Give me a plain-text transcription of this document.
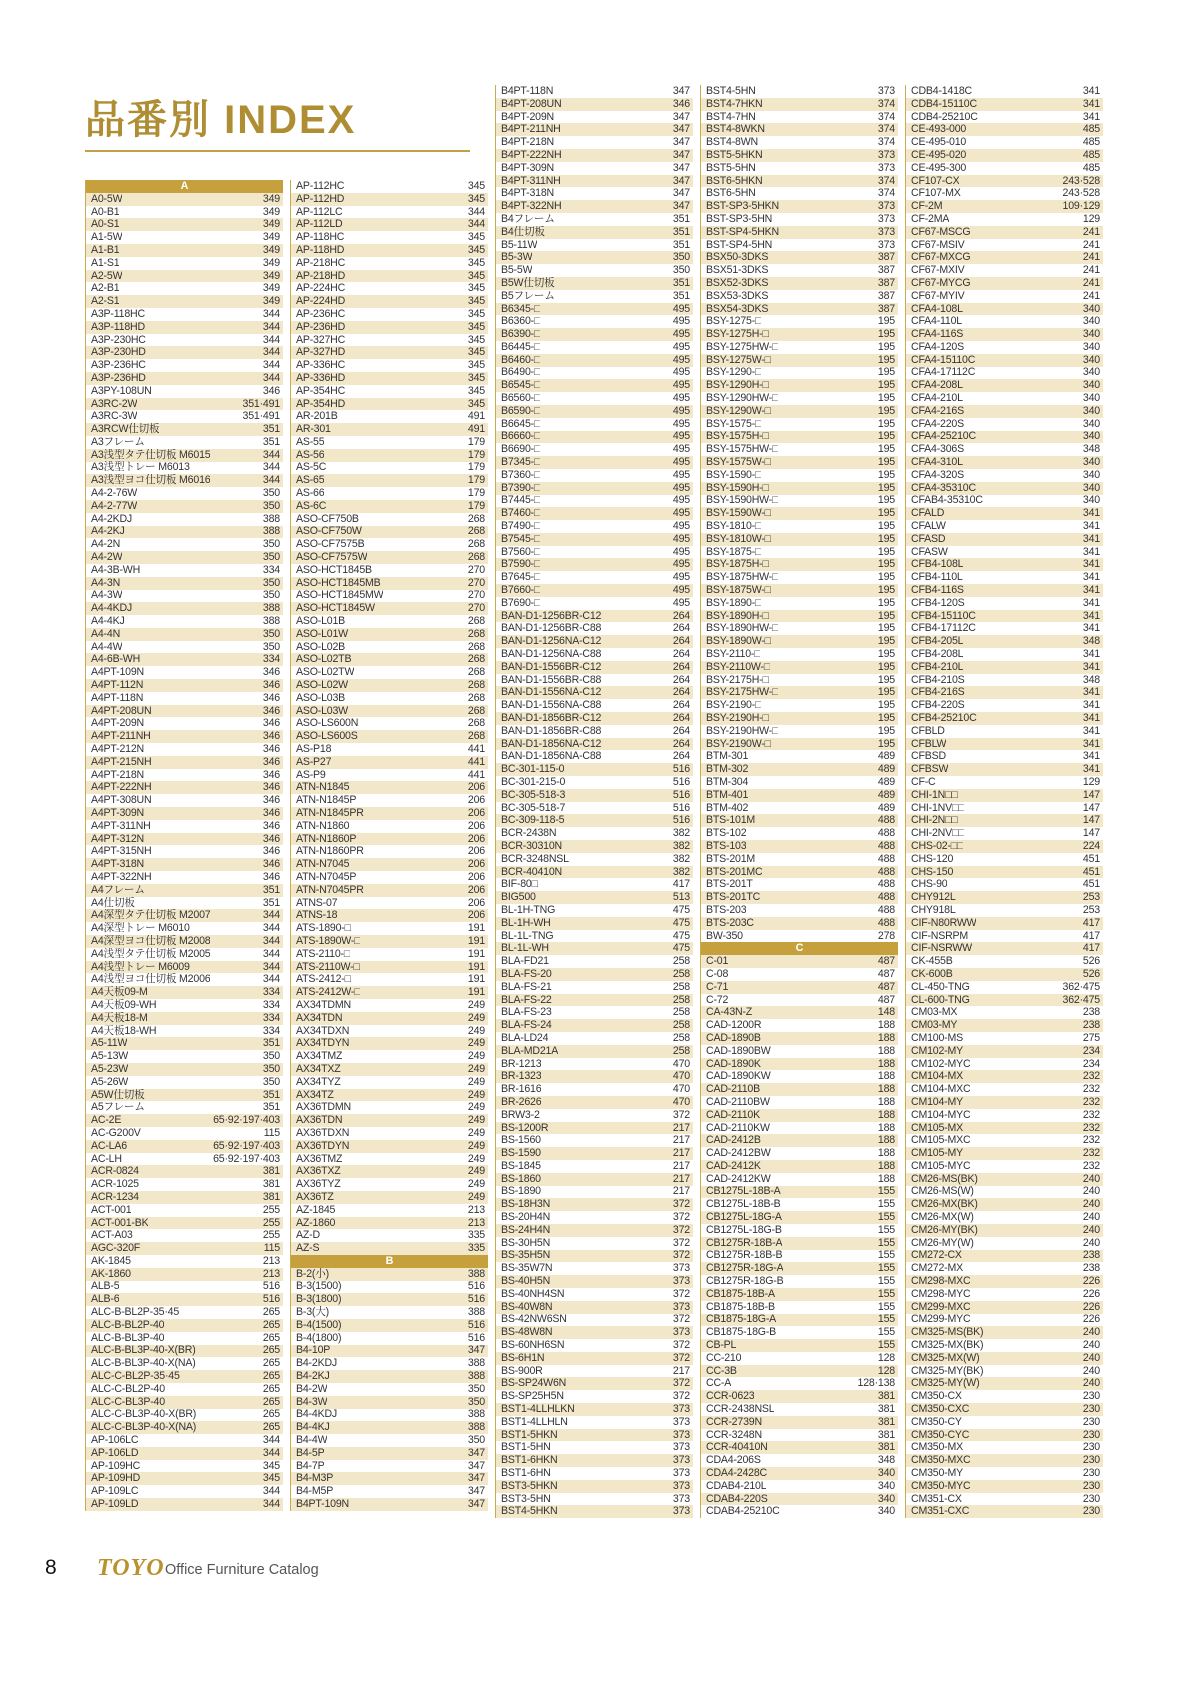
品番別 INDEX
A
A0-5W	349
A0-B1	349
A0-S1	349
A1-5W	349
A1-B1	349
A1-S1	349
A2-5W	349
A2-B1	349
A2-S1	349
A3P-118HC	344
A3P-118HD	344
A3P-230HC	344
A3P-230HD	344
A3P-236HC	344
A3P-236HD	344
A3PY-108UN	346
A3RC-2W	351·491
A3RC-3W	351·491
A3RCW仕切板	351
A3フレーム	351
A3浅型タテ仕切板 M6015	344
A3浅型トレー M6013	344
A3浅型ヨコ仕切板 M6016	344
A4-2-76W	350
A4-2-77W	350
A4-2KDJ	388
A4-2KJ	388
A4-2N	350
A4-2W	350
A4-3B-WH	334
A4-3N	350
A4-3W	350
A4-4KDJ	388
A4-4KJ	388
A4-4N	350
A4-4W	350
A4-6B-WH	334
A4PT-109N	346
A4PT-112N	346
A4PT-118N	346
A4PT-208UN	346
A4PT-209N	346
A4PT-211NH	346
A4PT-212N	346
A4PT-215NH	346
A4PT-218N	346
A4PT-222NH	346
A4PT-308UN	346
A4PT-309N	346
A4PT-311NH	346
A4PT-312N	346
A4PT-315NH	346
A4PT-318N	346
A4PT-322NH	346
A4フレーム	351
A4仕切板	351
A4深型タテ仕切板 M2007	344
A4深型トレー M6010	344
A4深型ヨコ仕切板 M2008	344
A4浅型タテ仕切板 M2005	344
A4浅型トレー M6009	344
A4浅型ヨコ仕切板 M2006	344
A4天板09-M	334
A4天板09-WH	334
A4天板18-M	334
A4天板18-WH	334
A5-11W	351
A5-13W	350
A5-23W	350
A5-26W	350
A5W仕切板	351
A5フレーム	351
AC-2E	65·92·197·403
AC-G200V	115
AC-LA6	65·92·197·403
AC-LH	65·92·197·403
ACR-0824	381
ACR-1025	381
ACR-1234	381
ACT-001	255
ACT-001-BK	255
ACT-A03	255
AGC-320F	115
AK-1845	213
AK-1860	213
ALB-5	516
ALB-6	516
ALC-B-BL2P-35·45	265
ALC-B-BL2P-40	265
ALC-B-BL3P-40	265
ALC-B-BL3P-40-X(BR)	265
ALC-B-BL3P-40-X(NA)	265
ALC-C-BL2P-35·45	265
ALC-C-BL2P-40	265
ALC-C-BL3P-40	265
ALC-C-BL3P-40-X(BR)	265
ALC-C-BL3P-40-X(NA)	265
AP-106LC	344
AP-106LD	344
AP-109HC	345
AP-109HD	345
AP-109LC	344
AP-109LD	344
AP-112HC	345
AP-112HD	345
AP-112LC	344
AP-112LD	344
AP-118HC	345
AP-118HD	345
AP-218HC	345
AP-218HD	345
AP-224HC	345
AP-224HD	345
AP-236HC	345
AP-236HD	345
AP-327HC	345
AP-327HD	345
AP-336HC	345
AP-336HD	345
AP-354HC	345
AP-354HD	345
AR-201B	491
AR-301	491
AS-55	179
AS-56	179
AS-5C	179
AS-65	179
AS-66	179
AS-6C	179
ASO-CF750B	268
ASO-CF750W	268
ASO-CF7575B	268
ASO-CF7575W	268
ASO-HCT1845B	270
ASO-HCT1845MB	270
ASO-HCT1845MW	270
ASO-HCT1845W	270
ASO-L01B	268
ASO-L01W	268
ASO-L02B	268
ASO-L02TB	268
ASO-L02TW	268
ASO-L02W	268
ASO-L03B	268
ASO-L03W	268
ASO-LS600N	268
ASO-LS600S	268
AS-P18	441
AS-P27	441
AS-P9	441
ATN-N1845	206
ATN-N1845P	206
ATN-N1845PR	206
ATN-N1860	206
ATN-N1860P	206
ATN-N1860PR	206
ATN-N7045	206
ATN-N7045P	206
ATN-N7045PR	206
ATNS-07	206
ATNS-18	206
ATS-1890-□	191
ATS-1890W-□	191
ATS-2110-□	191
ATS-2110W-□	191
ATS-2412-□	191
ATS-2412W-□	191
AX34TDMN	249
AX34TDN	249
AX34TDXN	249
AX34TDYN	249
AX34TMZ	249
AX34TXZ	249
AX34TYZ	249
AX34TZ	249
AX36TDMN	249
AX36TDN	249
AX36TDXN	249
AX36TDYN	249
AX36TMZ	249
AX36TXZ	249
AX36TYZ	249
AX36TZ	249
AZ-1845	213
AZ-1860	213
AZ-D	335
AZ-S	335
B
B-2(小)	388
B-3(1500)	516
B-3(1800)	516
B-3(大)	388
B-4(1500)	516
B-4(1800)	516
B4-10P	347
B4-2KDJ	388
B4-2KJ	388
B4-2W	350
B4-3W	350
B4-4KDJ	388
B4-4KJ	388
B4-4W	350
B4-5P	347
B4-7P	347
B4-M3P	347
B4-M5P	347
B4PT-109N	347
B4PT-118N	347
B4PT-208UN	346
B4PT-209N	347
B4PT-211NH	347
B4PT-218N	347
B4PT-222NH	347
B4PT-309N	347
B4PT-311NH	347
B4PT-318N	347
B4PT-322NH	347
B4フレーム	351
B4仕切板	351
B5-11W	351
B5-3W	350
B5-5W	350
B5W仕切板	351
B5フレーム	351
B6345-□	495
B6360-□	495
B6390-□	495
B6445-□	495
B6460-□	495
B6490-□	495
B6545-□	495
B6560-□	495
B6590-□	495
B6645-□	495
B6660-□	495
B6690-□	495
B7345-□	495
B7360-□	495
B7390-□	495
B7445-□	495
B7460-□	495
B7490-□	495
B7545-□	495
B7560-□	495
B7590-□	495
B7645-□	495
B7660-□	495
B7690-□	495
BAN-D1-1256BR-C12	264
BAN-D1-1256BR-C88	264
BAN-D1-1256NA-C12	264
BAN-D1-1256NA-C88	264
BAN-D1-1556BR-C12	264
BAN-D1-1556BR-C88	264
BAN-D1-1556NA-C12	264
BAN-D1-1556NA-C88	264
BAN-D1-1856BR-C12	264
BAN-D1-1856BR-C88	264
BAN-D1-1856NA-C12	264
BAN-D1-1856NA-C88	264
BC-301-115-0	516
BC-301-215-0	516
BC-305-518-3	516
BC-305-518-7	516
BC-309-118-5	516
BCR-2438N	382
BCR-30310N	382
BCR-3248NSL	382
BCR-40410N	382
BIF-80□	417
BIG500	513
BL-1H-TNG	475
BL-1H-WH	475
BL-1L-TNG	475
BL-1L-WH	475
BLA-FD21	258
BLA-FS-20	258
BLA-FS-21	258
BLA-FS-22	258
BLA-FS-23	258
BLA-FS-24	258
BLA-LD24	258
BLA-MD21A	258
BR-1213	470
BR-1323	470
BR-1616	470
BR-2626	470
BRW3-2	372
BS-1200R	217
BS-1560	217
BS-1590	217
BS-1845	217
BS-1860	217
BS-1890	217
BS-18H3N	372
BS-20H4N	372
BS-24H4N	372
BS-30H5N	372
BS-35H5N	372
BS-35W7N	373
BS-40H5N	373
BS-40NH4SN	372
BS-40W8N	373
BS-42NW6SN	372
BS-48W8N	373
BS-60NH6SN	372
BS-6H1N	372
BS-900R	217
BS-SP24W6N	372
BS-SP25H5N	372
BST1-4LLHLKN	373
BST1-4LLHLN	373
BST1-5HKN	373
BST1-5HN	373
BST1-6HKN	373
BST1-6HN	373
BST3-5HKN	373
BST3-5HN	373
BST4-5HKN	373
BST4-5HN	373
BST4-7HKN	374
BST4-7HN	374
BST4-8WKN	374
BST4-8WN	374
BST5-5HKN	373
BST5-5HN	373
BST6-5HKN	374
BST6-5HN	374
BST-SP3-5HKN	373
BST-SP3-5HN	373
BST-SP4-5HKN	373
BST-SP4-5HN	373
BSX50-3DKS	387
BSX51-3DKS	387
BSX52-3DKS	387
BSX53-3DKS	387
BSX54-3DKS	387
BSY-1275-□	195
BSY-1275H-□	195
BSY-1275HW-□	195
BSY-1275W-□	195
BSY-1290-□	195
BSY-1290H-□	195
BSY-1290HW-□	195
BSY-1290W-□	195
BSY-1575-□	195
BSY-1575H-□	195
BSY-1575HW-□	195
BSY-1575W-□	195
BSY-1590-□	195
BSY-1590H-□	195
BSY-1590HW-□	195
BSY-1590W-□	195
BSY-1810-□	195
BSY-1810W-□	195
BSY-1875-□	195
BSY-1875H-□	195
BSY-1875HW-□	195
BSY-1875W-□	195
BSY-1890-□	195
BSY-1890H-□	195
BSY-1890HW-□	195
BSY-1890W-□	195
BSY-2110-□	195
BSY-2110W-□	195
BSY-2175H-□	195
BSY-2175HW-□	195
BSY-2190-□	195
BSY-2190H-□	195
BSY-2190HW-□	195
BSY-2190W-□	195
BTM-301	489
BTM-302	489
BTM-304	489
BTM-401	489
BTM-402	489
BTS-101M	488
BTS-102	488
BTS-103	488
BTS-201M	488
BTS-201MC	488
BTS-201T	488
BTS-201TC	488
BTS-203	488
BTS-203C	488
BW-350	278
C
C-01	487
C-08	487
C-71	487
C-72	487
CA-43N-Z	148
CAD-1200R	188
CAD-1890B	188
CAD-1890BW	188
CAD-1890K	188
CAD-1890KW	188
CAD-2110B	188
CAD-2110BW	188
CAD-2110K	188
CAD-2110KW	188
CAD-2412B	188
CAD-2412BW	188
CAD-2412K	188
CAD-2412KW	188
CB1275L-18B-A	155
CB1275L-18B-B	155
CB1275L-18G-A	155
CB1275L-18G-B	155
CB1275R-18B-A	155
CB1275R-18B-B	155
CB1275R-18G-A	155
CB1275R-18G-B	155
CB1875-18B-A	155
CB1875-18B-B	155
CB1875-18G-A	155
CB1875-18G-B	155
CB-PL	155
CC-210	128
CC-3B	128
CC-A	128·138
CCR-0623	381
CCR-2438NSL	381
CCR-2739N	381
CCR-3248N	381
CCR-40410N	381
CDA4-206S	348
CDA4-2428C	340
CDAB4-210L	340
CDAB4-220S	340
CDAB4-25210C	340
CDB4-1418C	341
CDB4-15110C	341
CDB4-25210C	341
CE-493-000	485
CE-495-010	485
CE-495-020	485
CE-495-300	485
CF107-CX	243·528
CF107-MX	243·528
CF-2M	109·129
CF-2MA	129
CF67-MSCG	241
CF67-MSIV	241
CF67-MXCG	241
CF67-MXIV	241
CF67-MYCG	241
CF67-MYIV	241
CFA4-108L	340
CFA4-110L	340
CFA4-116S	340
CFA4-120S	340
CFA4-15110C	340
CFA4-17112C	340
CFA4-208L	340
CFA4-210L	340
CFA4-216S	340
CFA4-220S	340
CFA4-25210C	340
CFA4-306S	348
CFA4-310L	340
CFA4-320S	340
CFA4-35310C	340
CFAB4-35310C	340
CFALD	341
CFALW	341
CFASD	341
CFASW	341
CFB4-108L	341
CFB4-110L	341
CFB4-116S	341
CFB4-120S	341
CFB4-15110C	341
CFB4-17112C	341
CFB4-205L	348
CFB4-208L	341
CFB4-210L	341
CFB4-210S	348
CFB4-216S	341
CFB4-220S	341
CFB4-25210C	341
CFBLD	341
CFBLW	341
CFBSD	341
CFBSW	341
CF-C	129
CHI-1N□□	147
CHI-1NV□□	147
CHI-2N□□	147
CHI-2NV□□	147
CHS-02-□□	224
CHS-120	451
CHS-150	451
CHS-90	451
CHY912L	253
CHY918L	253
CIF-N80RWW	417
CIF-NSRPM	417
CIF-NSRWW	417
CK-455B	526
CK-600B	526
CL-450-TNG	362·475
CL-600-TNG	362·475
CM03-MX	238
CM03-MY	238
CM100-MS	275
CM102-MY	234
CM102-MYC	234
CM104-MX	232
CM104-MXC	232
CM104-MY	232
CM104-MYC	232
CM105-MX	232
CM105-MXC	232
CM105-MY	232
CM105-MYC	232
CM26-MS(BK)	240
CM26-MS(W)	240
CM26-MX(BK)	240
CM26-MX(W)	240
CM26-MY(BK)	240
CM26-MY(W)	240
CM272-CX	238
CM272-MX	238
CM298-MXC	226
CM298-MYC	226
CM299-MXC	226
CM299-MYC	226
CM325-MS(BK)	240
CM325-MX(BK)	240
CM325-MX(W)	240
CM325-MY(BK)	240
CM325-MY(W)	240
CM350-CX	230
CM350-CXC	230
CM350-CY	230
CM350-CYC	230
CM350-MX	230
CM350-MXC	230
CM350-MY	230
CM350-MYC	230
CM351-CX	230
CM351-CXC	230
8 TOYO Office Furniture Catalog
